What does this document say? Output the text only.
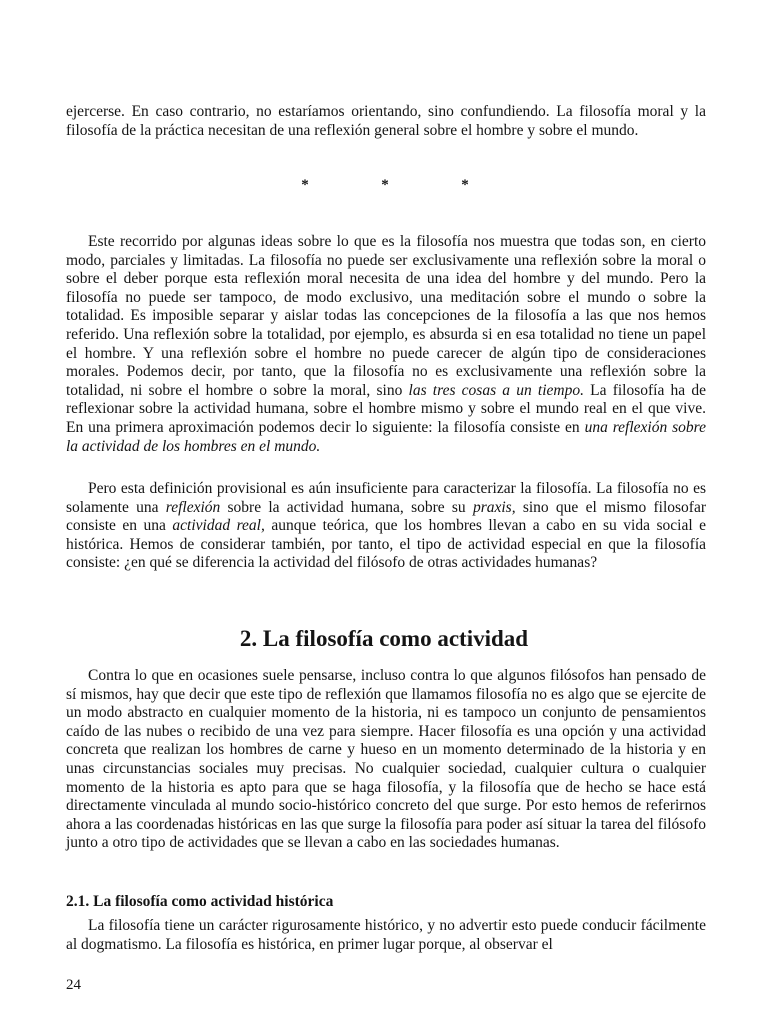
ejercerse. En caso contrario, no estaríamos orientando, sino confundiendo. La filosofía moral y la filosofía de la práctica necesitan de una reflexión general sobre el hombre y sobre el mundo.

*	*	*

Este recorrido por algunas ideas sobre lo que es la filosofía nos muestra que todas son, en cierto modo, parciales y limitadas. La filosofía no puede ser exclusivamente una reflexión sobre la moral o sobre el deber porque esta reflexión moral necesita de una idea del hombre y del mundo. Pero la filosofía no puede ser tampoco, de modo exclusivo, una meditación sobre el mundo o sobre la totalidad. Es imposible separar y aislar todas las concepciones de la filosofía a las que nos hemos referido. Una reflexión sobre la totalidad, por ejemplo, es absurda si en esa totalidad no tiene un papel el hombre. Y una reflexión sobre el hombre no puede carecer de algún tipo de consideraciones morales. Podemos decir, por tanto, que la filosofía no es exclusivamente una reflexión sobre la totalidad, ni sobre el hombre o sobre la moral, sino las tres cosas a un tiempo. La filosofía ha de reflexionar sobre la actividad humana, sobre el hombre mismo y sobre el mundo real en el que vive. En una primera aproximación podemos decir lo siguiente: la filosofía consiste en una reflexión sobre la actividad de los hombres en el mundo.

Pero esta definición provisional es aún insuficiente para caracterizar la filosofía. La filosofía no es solamente una reflexión sobre la actividad humana, sobre su praxis, sino que el mismo filosofar consiste en una actividad real, aunque teórica, que los hombres llevan a cabo en su vida social e histórica. Hemos de considerar también, por tanto, el tipo de actividad especial en que la filosofía consiste: ¿en qué se diferencia la actividad del filósofo de otras actividades humanas?

2. La filosofía como actividad

Contra lo que en ocasiones suele pensarse, incluso contra lo que algunos filósofos han pensado de sí mismos, hay que decir que este tipo de reflexión que llamamos filosofía no es algo que se ejercite de un modo abstracto en cualquier momento de la historia, ni es tampoco un conjunto de pensamientos caído de las nubes o recibido de una vez para siempre. Hacer filosofía es una opción y una actividad concreta que realizan los hombres de carne y hueso en un momento determinado de la historia y en unas circunstancias sociales muy precisas. No cualquier sociedad, cualquier cultura o cualquier momento de la historia es apto para que se haga filosofía, y la filosofía que de hecho se hace está directamente vinculada al mundo socio-histórico concreto del que surge. Por esto hemos de referirnos ahora a las coordenadas históricas en las que surge la filosofía para poder así situar la tarea del filósofo junto a otro tipo de actividades que se llevan a cabo en las sociedades humanas.

2.1. La filosofía como actividad histórica

La filosofía tiene un carácter rigurosamente histórico, y no advertir esto puede conducir fácilmente al dogmatismo. La filosofía es histórica, en primer lugar porque, al observar el

24
